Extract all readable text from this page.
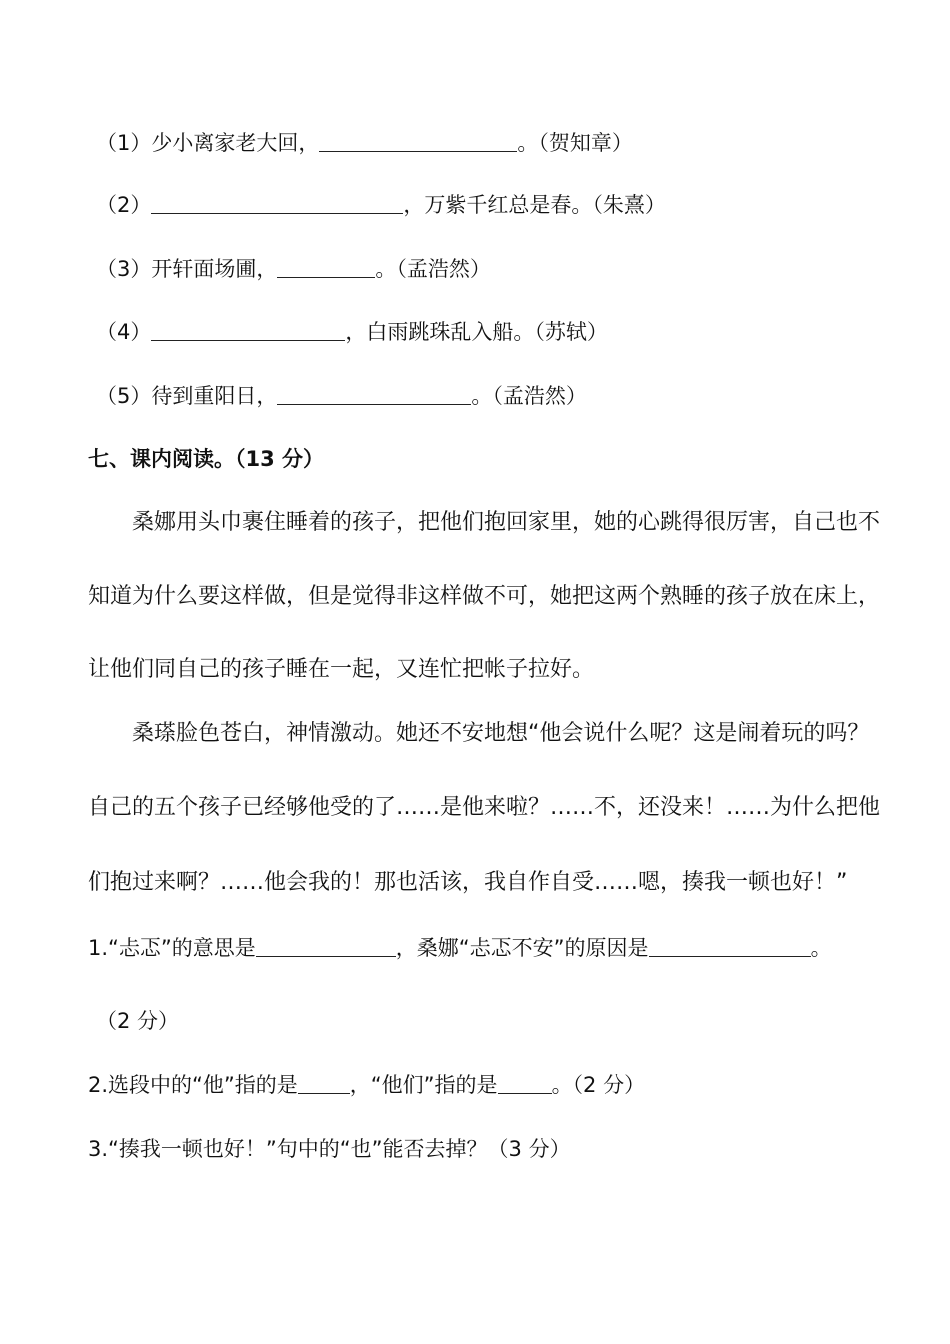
（1）少小离家老大回，	。（贺知章）
（2）	，万紫千红总是春。（朱熹）
（3）开轩面场圃，	。（孟浩然）
（4）	，白雨跳珠乱入船。（苏轼）
（5）待到重阳日，	。（孟浩然）
七、课内阅读。（13 分）
桑娜用头巾裹住睡着的孩子，把他们抱回家里，她的心跳得很厉害，自己也不
知道为什么要这样做，但是觉得非这样做不可，她把这两个熟睡的孩子放在床上，
让他们同自己的孩子睡在一起，又连忙把帐子拉好。
桑瑹脸色苍白，神情激动。她还不安地想“他会说什么呢？这是闹着玩的吗？
自己的五个孩子已经够他受的了……是他来啦？……不，还没来！……为什么把他
们抱过来啊？……他会我的！那也活该，我自作自受……嗯，揍我一顿也好！”
1.“忐忑”的意思是	，桑娜“忐忑不安”的原因是	。
（2 分）
2.选段中的“他”指的是 ，“他们”指的是	。（2 分）
3.“揍我一顿也好！”句中的“也”能否去掉？（3 分）
